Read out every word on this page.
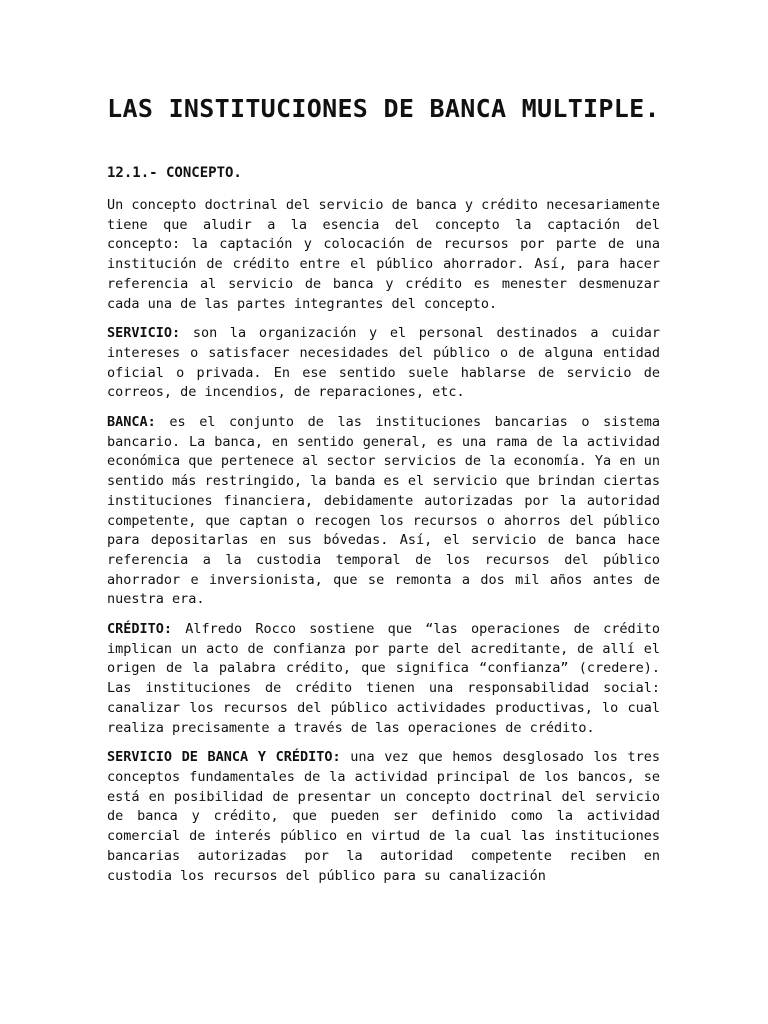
LAS INSTITUCIONES DE BANCA MULTIPLE.
12.1.- CONCEPTO.

Un concepto doctrinal del servicio de banca y crédito necesariamente tiene que aludir a la esencia del concepto la captación del concepto: la captación y colocación de recursos por parte de una institución de crédito entre el público ahorrador. Así, para hacer referencia al servicio de banca y crédito es menester desmenuzar cada una de las partes integrantes del concepto.

SERVICIO: son la organización y el personal destinados a cuidar intereses o satisfacer necesidades del público o de alguna entidad oficial o privada. En ese sentido suele hablarse de servicio de correos, de incendios, de reparaciones, etc.

BANCA: es el conjunto de las instituciones bancarias o sistema bancario. La banca, en sentido general, es una rama de la actividad económica que pertenece al sector servicios de la economía. Ya en un sentido más restringido, la banda es el servicio que brindan ciertas instituciones financiera, debidamente autorizadas por la autoridad competente, que captan o recogen los recursos o ahorros del público para depositarlas en sus bóvedas. Así, el servicio de banca hace referencia a la custodia temporal de los recursos del público ahorrador e inversionista, que se remonta a dos mil años antes de nuestra era.

CRÉDITO: Alfredo Rocco sostiene que “las operaciones de crédito implican un acto de confianza por parte del acreditante, de allí el origen de la palabra crédito, que significa “confianza” (credere). Las instituciones de crédito tienen una responsabilidad social: canalizar los recursos del público actividades productivas, lo cual realiza precisamente a través de las operaciones de crédito.

SERVICIO DE BANCA Y CRÉDITO: una vez que hemos desglosado los tres conceptos fundamentales de la actividad principal de los bancos, se está en posibilidad de presentar un concepto doctrinal del servicio de banca y crédito, que pueden ser definido como la actividad comercial de interés público en virtud de la cual las instituciones bancarias autorizadas por la autoridad competente reciben en custodia los recursos del público para su canalización
